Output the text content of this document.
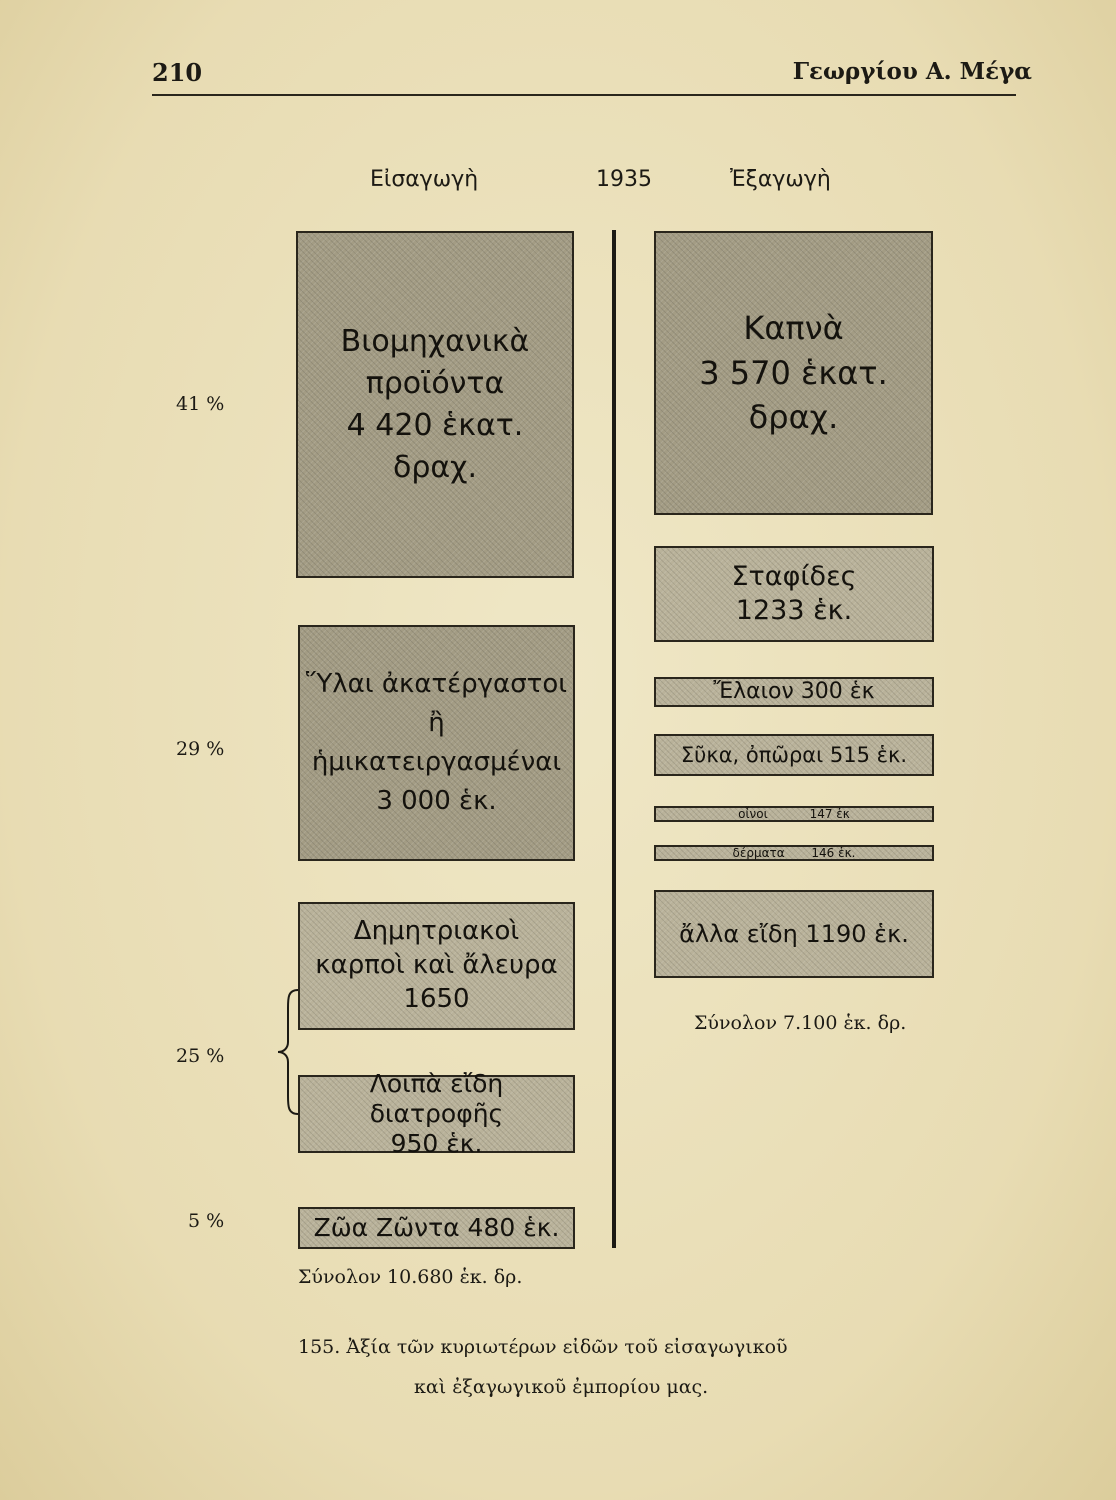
210	Γεωργίου Α. Μέγα
Εἰσαγωγὴ	1935	Ἐξαγωγὴ
Βιομηχανικὰ
προϊόντα
4 420 ἑκατ.
δραχ.
Ὕλαι ἀκατέργαστοι
ἢ ἡμικατειργασμέναι
3 000 ἑκ.
Δημητριακοὶ
καρποὶ καὶ ἄλευρα
1650
Λοιπὰ εἴδη διατροφῆς
950 ἑκ.
Ζῶα Ζῶντα 480 ἑκ.
41 %
29 %
25 %
5 %
Σύνολον 10.680 ἑκ. δρ.
Καπνὰ
3 570 ἑκατ.
δραχ.
Σταφίδες
1233 ἑκ.
Ἔλαιον 300 ἑκ
Σῦκα, ὀπῶραι 515 ἑκ.
οἶνοι           147 ἑκ
δέρματα       146 ἑκ.
ἄλλα εἴδη 1190 ἑκ.
Σύνολον 7.100 ἑκ. δρ.
155. Ἀξία τῶν κυριωτέρων εἰδῶν τοῦ εἰσαγωγικοῦ
καὶ ἐξαγωγικοῦ ἐμπορίου μας.
